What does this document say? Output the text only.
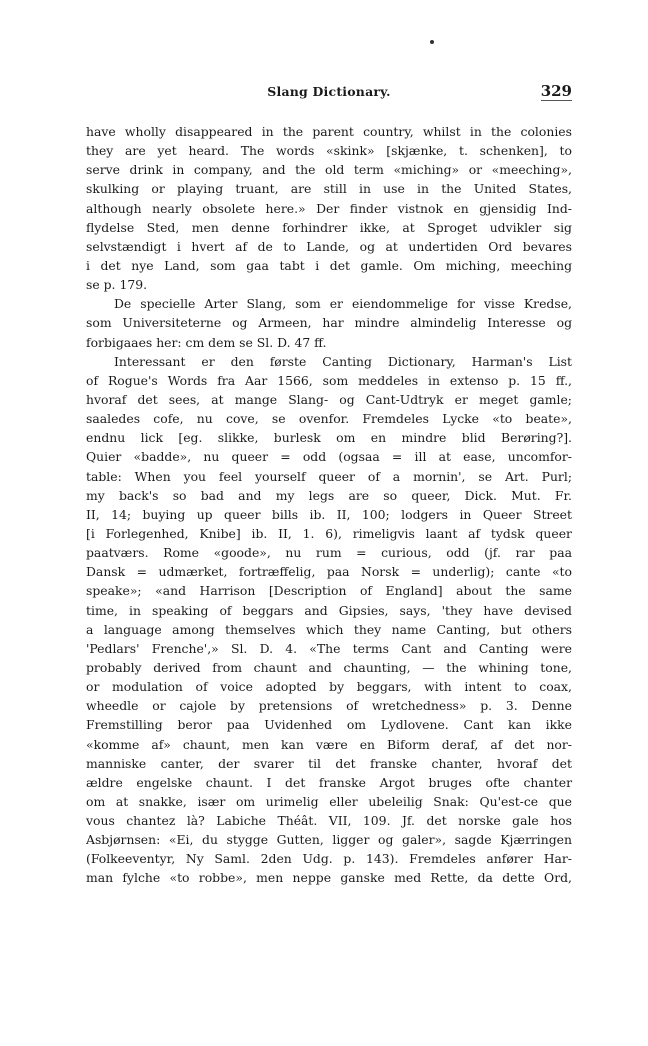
Slang Dictionary.	329
have wholly disappeared in the parent country, whilst in the colonies
they are yet heard. The words «skink» [skjænke, t. schenken], to
serve drink in company, and the old term «miching» or «meeching»,
skulking or playing truant, are still in use in the United States,
although nearly obsolete here.» Der finder vistnok en gjensidig Ind-
flydelse Sted, men denne forhindrer ikke, at Sproget udvikler sig
selvstændigt i hvert af de to Lande, og at undertiden Ord bevares
i det nye Land, som gaa tabt i det gamle. Om miching, meeching
se p. 179.
De specielle Arter Slang, som er eiendommelige for visse Kredse,
som Universiteterne og Armeen, har mindre almindelig Interesse og
forbigaaes her: cm dem se Sl. D. 47 ff.
Interessant er den første Canting Dictionary, Harman's List
of Rogue's Words fra Aar 1566, som meddeles in extenso p. 15 ff.,
hvoraf det sees, at mange Slang- og Cant-Udtryk er meget gamle;
saaledes cofe, nu cove, se ovenfor. Fremdeles Lycke «to beate»,
endnu lick [eg. slikke, burlesk om en mindre blid Berøring?].
Quier «badde», nu queer = odd (ogsaa = ill at ease, uncomfor-
table: When you feel yourself queer of a mornin', se Art. Purl;
my back's so bad and my legs are so queer, Dick. Mut. Fr.
II, 14; buying up queer bills ib. II, 100; lodgers in Queer Street
[i Forlegenhed, Knibe] ib. II, 1. 6), rimeligvis laant af tydsk queer
paatværs. Rome «goode», nu rum = curious, odd (jf. rar paa
Dansk = udmærket, fortræffelig, paa Norsk = underlig); cante «to
speake»; «and Harrison [Description of England] about the same
time, in speaking of beggars and Gipsies, says, 'they have devised
a language among themselves which they name Canting, but others
'Pedlars' Frenche',» Sl. D. 4. «The terms Cant and Canting were
probably derived from chaunt and chaunting, — the whining tone,
or modulation of voice adopted by beggars, with intent to coax,
wheedle or cajole by pretensions of wretchedness» p. 3. Denne
Fremstilling beror paa Uvidenhed om Lydlovene. Cant kan ikke
«komme af» chaunt, men kan være en Biform deraf, af det nor-
manniske canter, der svarer til det franske chanter, hvoraf det
ældre engelske chaunt. I det franske Argot bruges ofte chanter
om at snakke, især om urimelig eller ubeleilig Snak: Qu'est-ce que
vous chantez là? Labiche Théât. VII, 109. Jf. det norske gale hos
Asbjørnsen: «Ei, du stygge Gutten, ligger og galer», sagde Kjærringen
(Folkeeventyr, Ny Saml. 2den Udg. p. 143). Fremdeles anfører Har-
man fylche «to robbe», men neppe ganske med Rette, da dette Ord,
